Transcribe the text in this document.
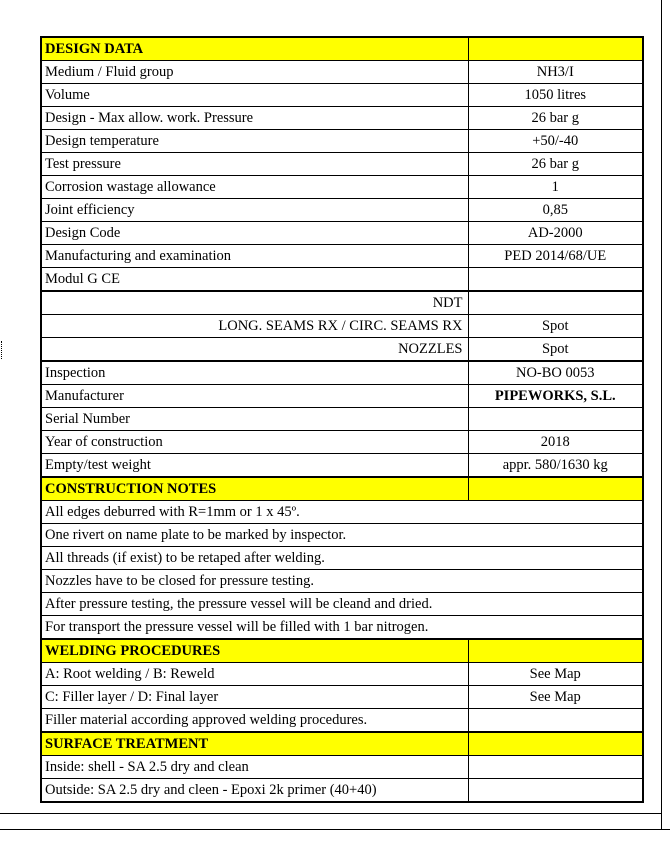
DESIGN DATA	
Medium / Fluid group	NH3/I
Volume	1050 litres
Design - Max allow. work. Pressure	26 bar g
Design temperature	+50/-40
Test pressure	26 bar g
Corrosion wastage allowance	1
Joint efficiency	0,85
Design Code	AD-2000
Manufacturing and examination	PED 2014/68/UE
Modul G CE	
NDT	
LONG. SEAMS RX / CIRC. SEAMS RX	Spot
NOZZLES	Spot
Inspection	NO-BO 0053
Manufacturer	PIPEWORKS, S.L.
Serial Number	
Year of construction	2018
Empty/test weight	appr. 580/1630 kg
CONSTRUCTION NOTES	
All edges deburred with R=1mm or 1 x 45º.	
One rivert on name plate to be marked by inspector.	
All threads (if exist) to be retaped after welding.	
Nozzles have to be closed for pressure testing.	
After pressure testing, the pressure vessel will be cleand and dried.	
For transport the pressure vessel will be filled with 1 bar nitrogen.	
WELDING PROCEDURES	
A: Root welding / B: Reweld	See Map
C: Filler layer / D: Final layer	See Map
Filler material according approved welding procedures.	
SURFACE TREATMENT	
Inside: shell - SA 2.5 dry and clean	
Outside: SA 2.5 dry and cleen - Epoxi 2k primer (40+40)	
